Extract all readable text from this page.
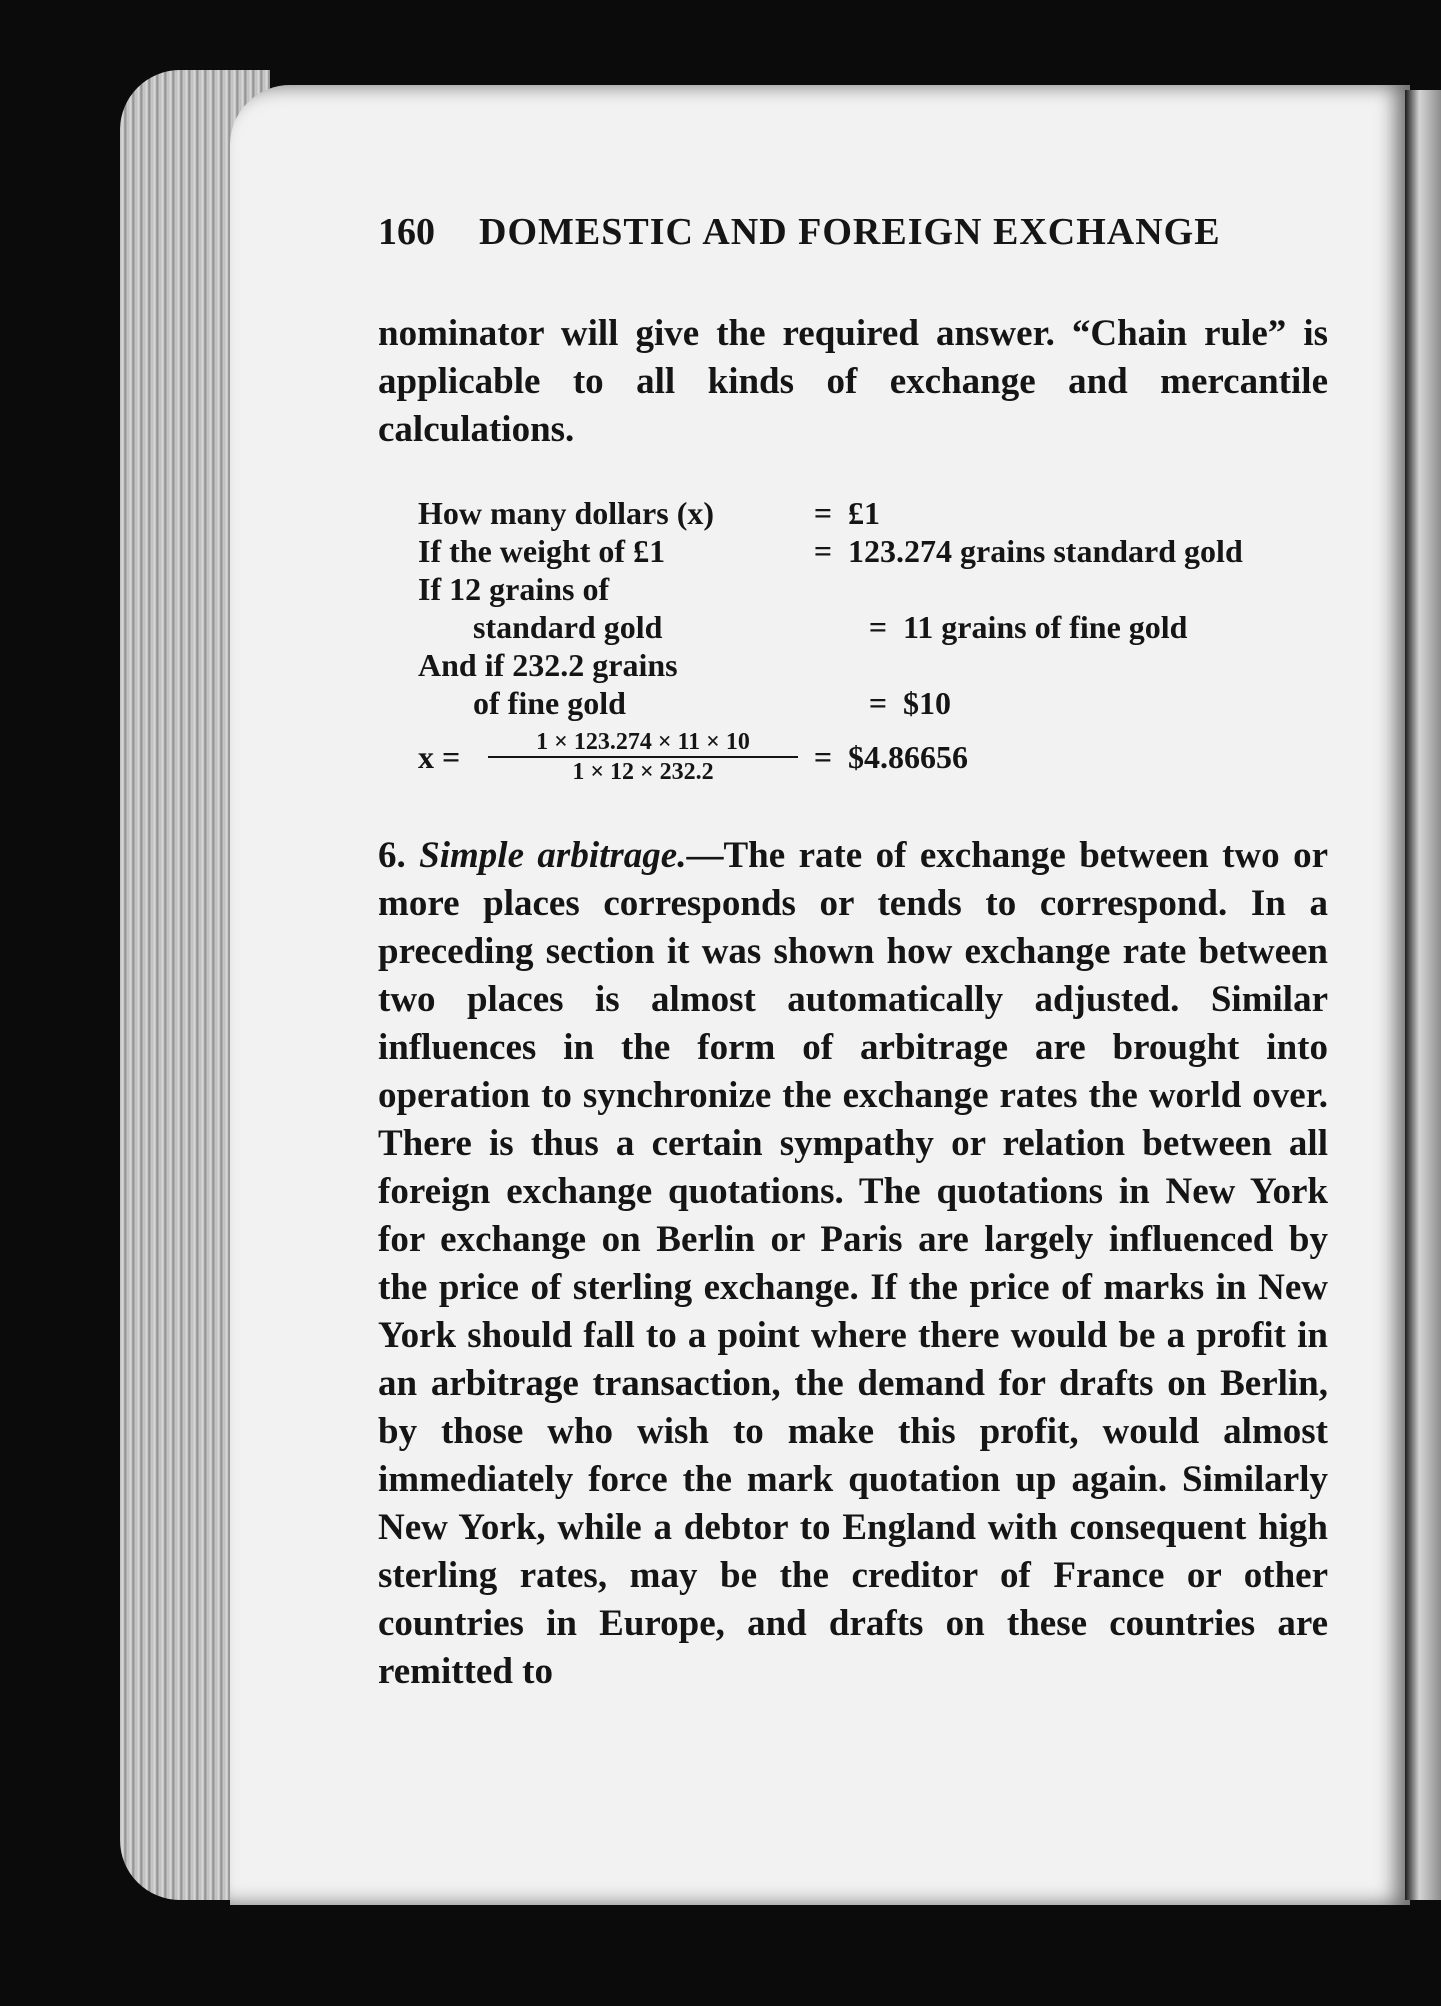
160 DOMESTIC AND FOREIGN EXCHANGE

nominator will give the required answer. “Chain rule” is applicable to all kinds of exchange and mercantile calculations.

How many dollars (x)	= £1
If the weight of £1	= 123.274 grains standard gold
If 12 grains of
standard gold	= 11 grains of fine gold
And if 232.2 grains
of fine gold	= $10
x =	$\frac{1 \times 123.274 \times 11 \times 10}{1 \times 12 \times 232.2}$ = $4.86656

6. Simple arbitrage.—The rate of exchange between two or more places corresponds or tends to correspond. In a preceding section it was shown how exchange rate between two places is almost automatically adjusted. Similar influences in the form of arbitrage are brought into operation to synchronize the exchange rates the world over. There is thus a certain sympathy or relation between all foreign exchange quotations. The quotations in New York for exchange on Berlin or Paris are largely influenced by the price of sterling exchange. If the price of marks in New York should fall to a point where there would be a profit in an arbitrage transaction, the demand for drafts on Berlin, by those who wish to make this profit, would almost immediately force the mark quotation up again. Similarly New York, while a debtor to England with consequent high sterling rates, may be the creditor of France or other countries in Europe, and drafts on these countries are remitted to
